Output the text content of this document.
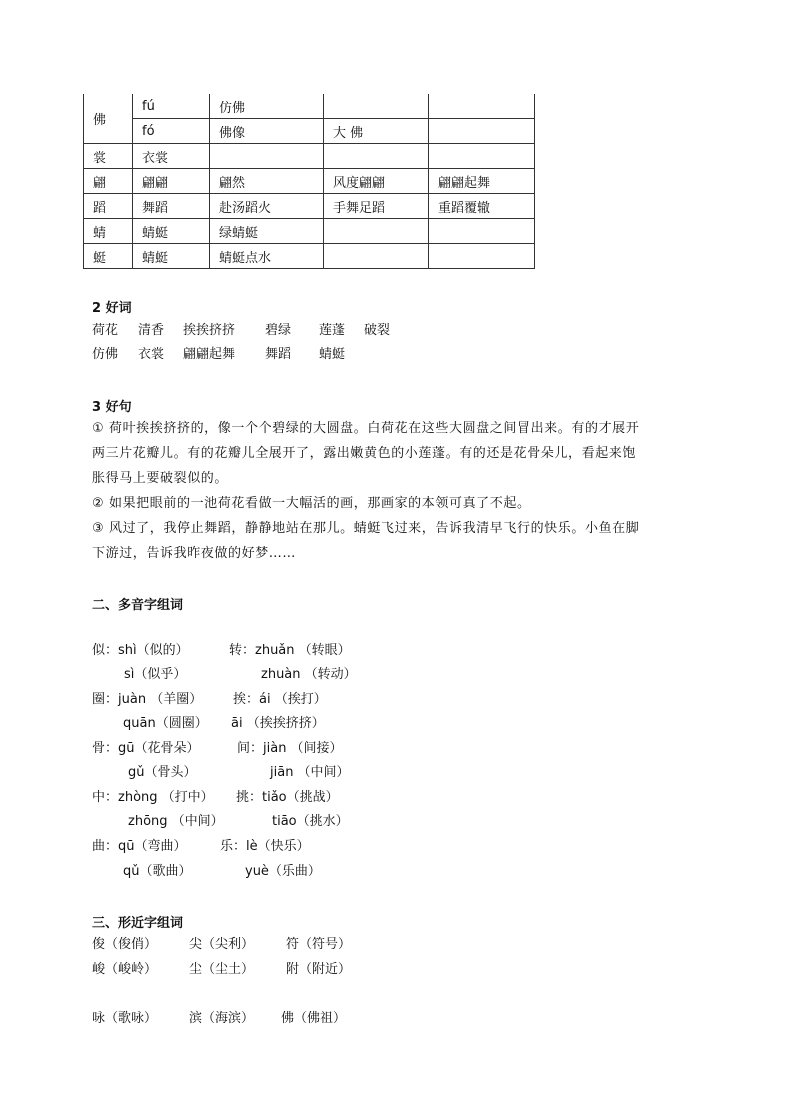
佛	fú	仿佛		
	fó	佛像	大 佛	
裳	衣裳			
翩	翩翩	翩然	风度翩翩	翩翩起舞
蹈	舞蹈	赴汤蹈火	手舞足蹈	重蹈覆辙
蜻	蜻蜓	绿蜻蜓		
蜓	蜻蜓	蜻蜓点水		
2 好词
荷花 清香 挨挨挤挤 碧绿 莲蓬 破裂
仿佛 衣裳 翩翩起舞 舞蹈 蜻蜓
3 好句

① 荷叶挨挨挤挤的，像一个个碧绿的大圆盘。白荷花在这些大圆盘之间冒出来。有的才展开

两三片花瓣儿。有的花瓣儿全展开了，露出嫩黄色的小莲蓬。有的还是花骨朵儿，看起来饱

胀得马上要破裂似的。

② 如果把眼前的一池荷花看做一大幅活的画，那画家的本领可真了不起。

③ 风过了，我停止舞蹈，静静地站在那儿。蜻蜓飞过来，告诉我清早飞行的快乐。小鱼在脚

下游过，告诉我昨夜做的好梦……

二、多音字组词
似：shì（似的）	转：zhuǎn （转眼）
sì（似乎）	zhuàn （转动）
圈：juàn （羊圈） 挨：ái （挨打）
quān（圆圈） āi （挨挨挤挤）
骨：gū（花骨朵）	间：jiàn （间接）
gǔ（骨头）	jiān （中间）
中：zhòng （打中） 挑：tiǎo（挑战）
zhōng （中间）	tiāo（挑水）
曲：qū（弯曲）	乐：lè（快乐）
qǔ（歌曲）	yuè（乐曲）
三、形近字组词
俊（俊俏） 尖（尖利） 符（符号）
峻（峻岭） 尘（尘土） 附（附近）
咏（歌咏） 滨（海滨） 佛（佛祖）
